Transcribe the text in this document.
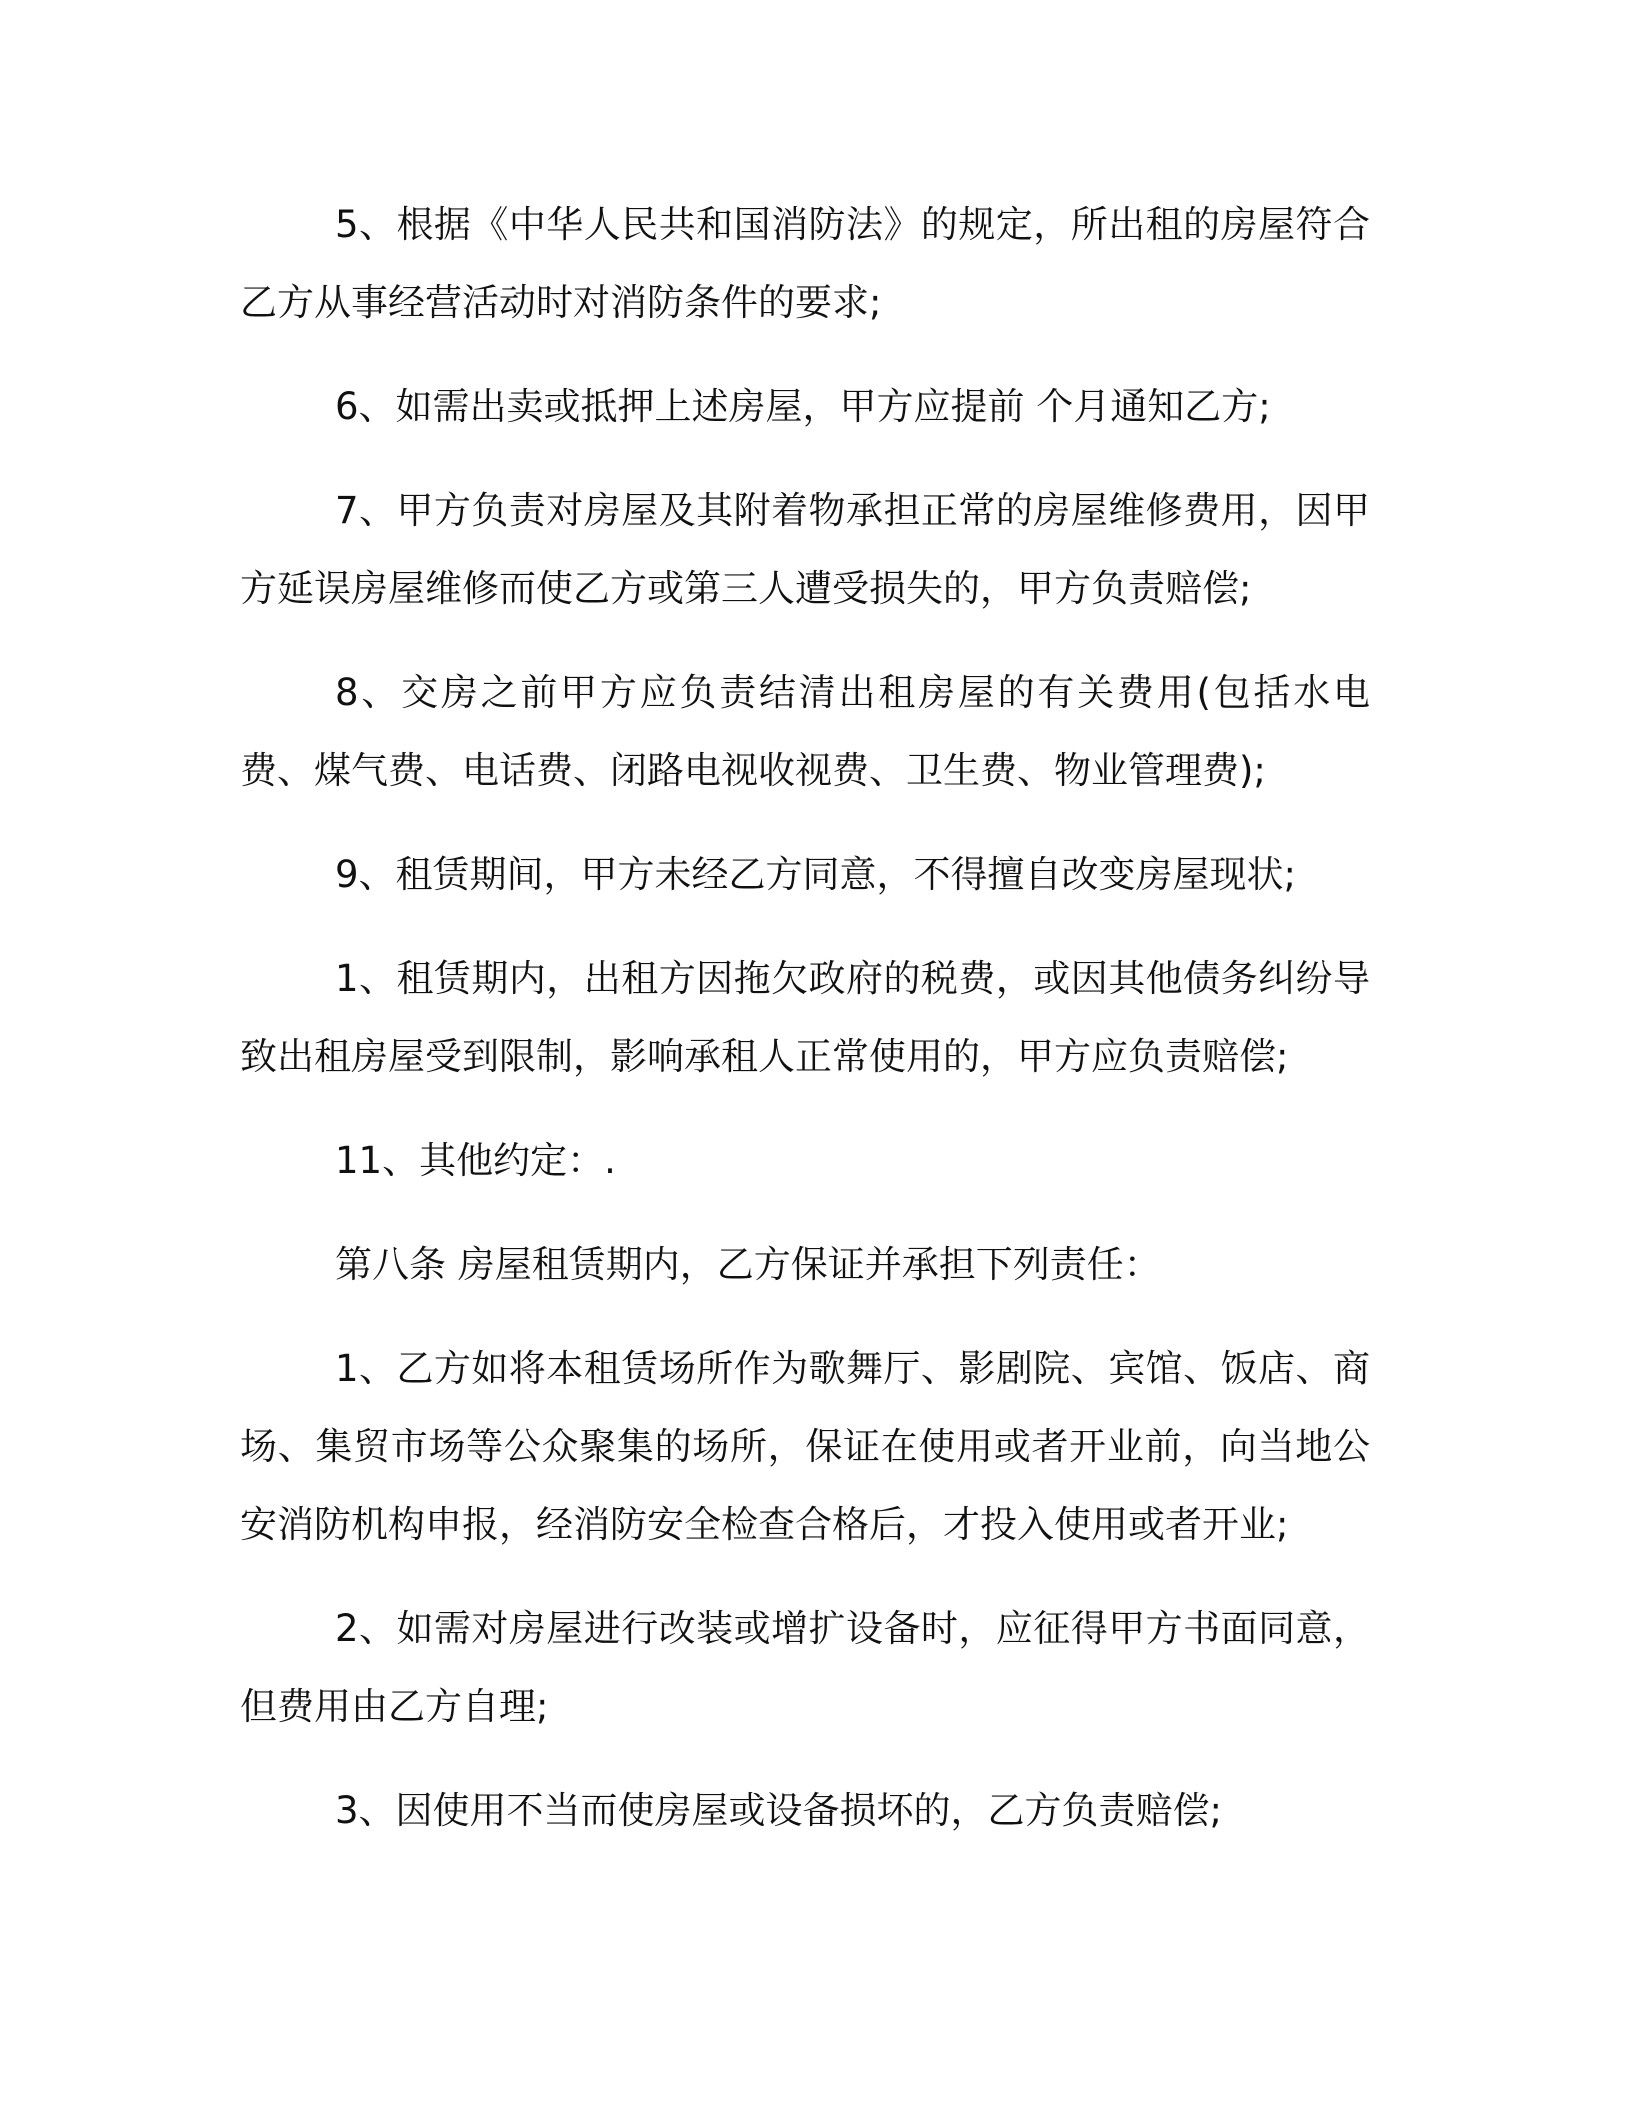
5、根据《中华人民共和国消防法》的规定，所出租的房屋符合乙方从事经营活动时对消防条件的要求;

6、如需出卖或抵押上述房屋，甲方应提前 个月通知乙方;

7、甲方负责对房屋及其附着物承担正常的房屋维修费用，因甲方延误房屋维修而使乙方或第三人遭受损失的，甲方负责赔偿;

8、交房之前甲方应负责结清出租房屋的有关费用(包括水电费、煤气费、电话费、闭路电视收视费、卫生费、物业管理费);

9、租赁期间，甲方未经乙方同意，不得擅自改变房屋现状;

1、租赁期内，出租方因拖欠政府的税费，或因其他债务纠纷导致出租房屋受到限制，影响承租人正常使用的，甲方应负责赔偿;

11、其他约定：.

第八条 房屋租赁期内，乙方保证并承担下列责任：

1、乙方如将本租赁场所作为歌舞厅、影剧院、宾馆、饭店、商场、集贸市场等公众聚集的场所，保证在使用或者开业前，向当地公安消防机构申报，经消防安全检查合格后，才投入使用或者开业;

2、如需对房屋进行改装或增扩设备时，应征得甲方书面同意，但费用由乙方自理;

3、因使用不当而使房屋或设备损坏的，乙方负责赔偿;
